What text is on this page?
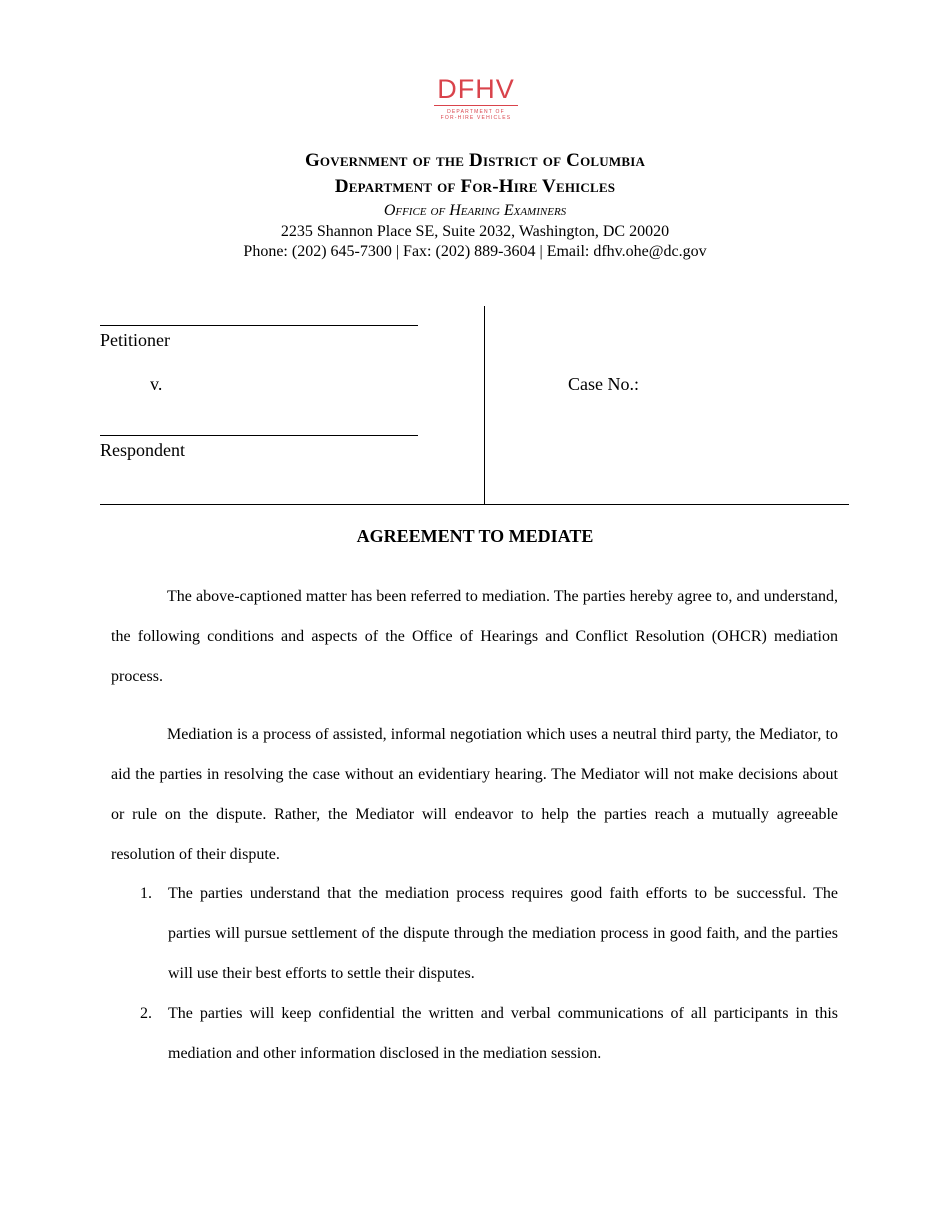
DFHV
DEPARTMENT OF
FOR-HIRE VEHICLES
Government of the District of Columbia
Department of For-Hire Vehicles
Office of Hearing Examiners
2235 Shannon Place SE, Suite 2032, Washington, DC 20020
Phone: (202) 645-7300 | Fax: (202) 889-3604 | Email: dfhv.ohe@dc.gov
Petitioner
v.
Respondent
Case No.:
AGREEMENT TO MEDIATE
The above-captioned matter has been referred to mediation. The parties hereby agree to, and understand, the following conditions and aspects of the Office of Hearings and Conflict Resolution (OHCR) mediation process.
Mediation is a process of assisted, informal negotiation which uses a neutral third party, the Mediator, to aid the parties in resolving the case without an evidentiary hearing. The Mediator will not make decisions about or rule on the dispute. Rather, the Mediator will endeavor to help the parties reach a mutually agreeable resolution of their dispute.
1. The parties understand that the mediation process requires good faith efforts to be successful. The parties will pursue settlement of the dispute through the mediation process in good faith, and the parties will use their best efforts to settle their disputes.
2. The parties will keep confidential the written and verbal communications of all participants in this mediation and other information disclosed in the mediation session.
